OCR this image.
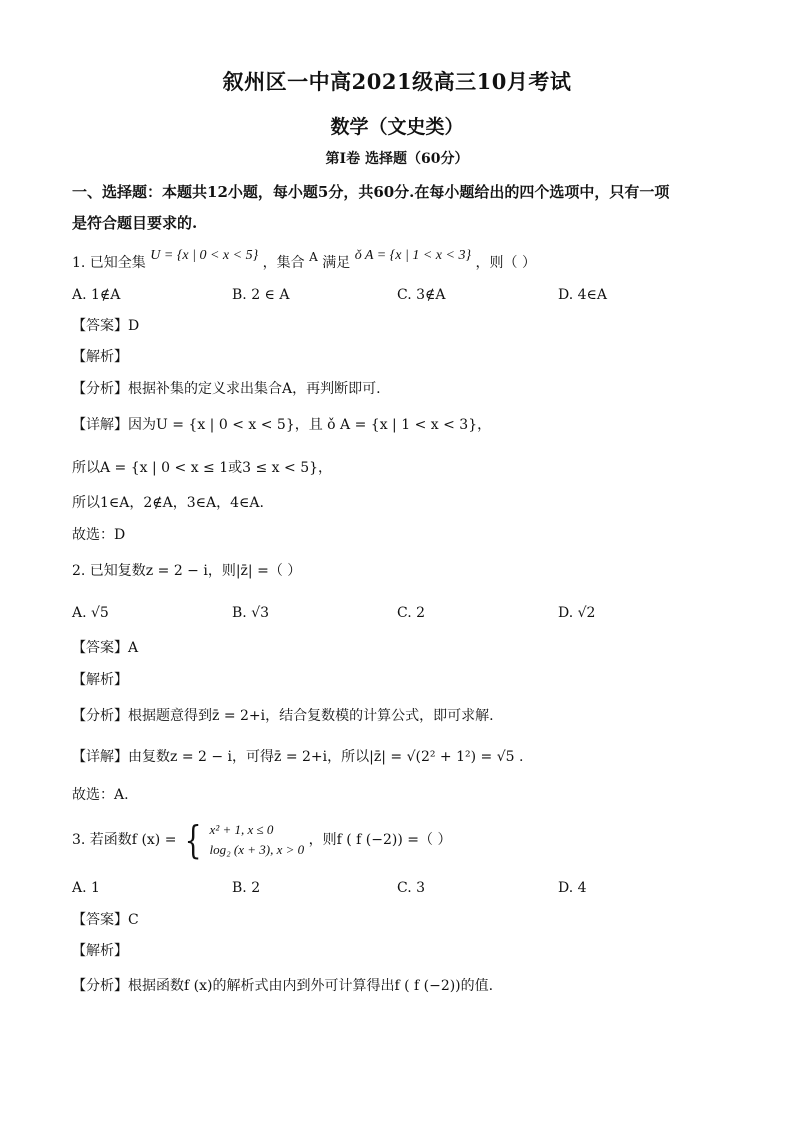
叙州区一中高2021级高三10月考试
数学（文史类）
第I卷 选择题（60分）
一、选择题：本题共12小题，每小题5分，共60分.在每小题给出的四个选项中，只有一项
是符合题目要求的.
1. 已知全集 U = {x | 0 < x < 5} ，集合 A 满足 ǒ A = {x | 1 < x < 3} ，则（ ）
A. 1∉A	B. 2 ∈ A	C. 3∉A	D. 4∈A
【答案】D
【解析】
【分析】根据补集的定义求出集合A，再判断即可.
【详解】因为U = {x | 0 < x < 5}，且 ǒ A = {x | 1 < x < 3}，
所以A = {x | 0 < x ≤ 1或3 ≤ x < 5}，
所以1∈A，2∉A，3∈A，4∈A.
故选：D
2. 已知复数z = 2 − i，则|z̄| =（ ）
A. √5	B. √3	C. 2	D. √2
【答案】A
【解析】
【分析】根据题意得到z̄ = 2+i，结合复数模的计算公式，即可求解.
【详解】由复数z = 2 − i，可得z̄ = 2+i，所以|z̄| = √(2² + 1²) = √5 .
故选：A.
3. 若函数f (x) = { x² + 1, x ≤ 0
log₂ (x + 3), x > 0
，则f ( f (−2)) =（ ）
A. 1	B. 2	C. 3	D. 4
【答案】C
【解析】
【分析】根据函数f (x)的解析式由内到外可计算得出f ( f (−2))的值.
